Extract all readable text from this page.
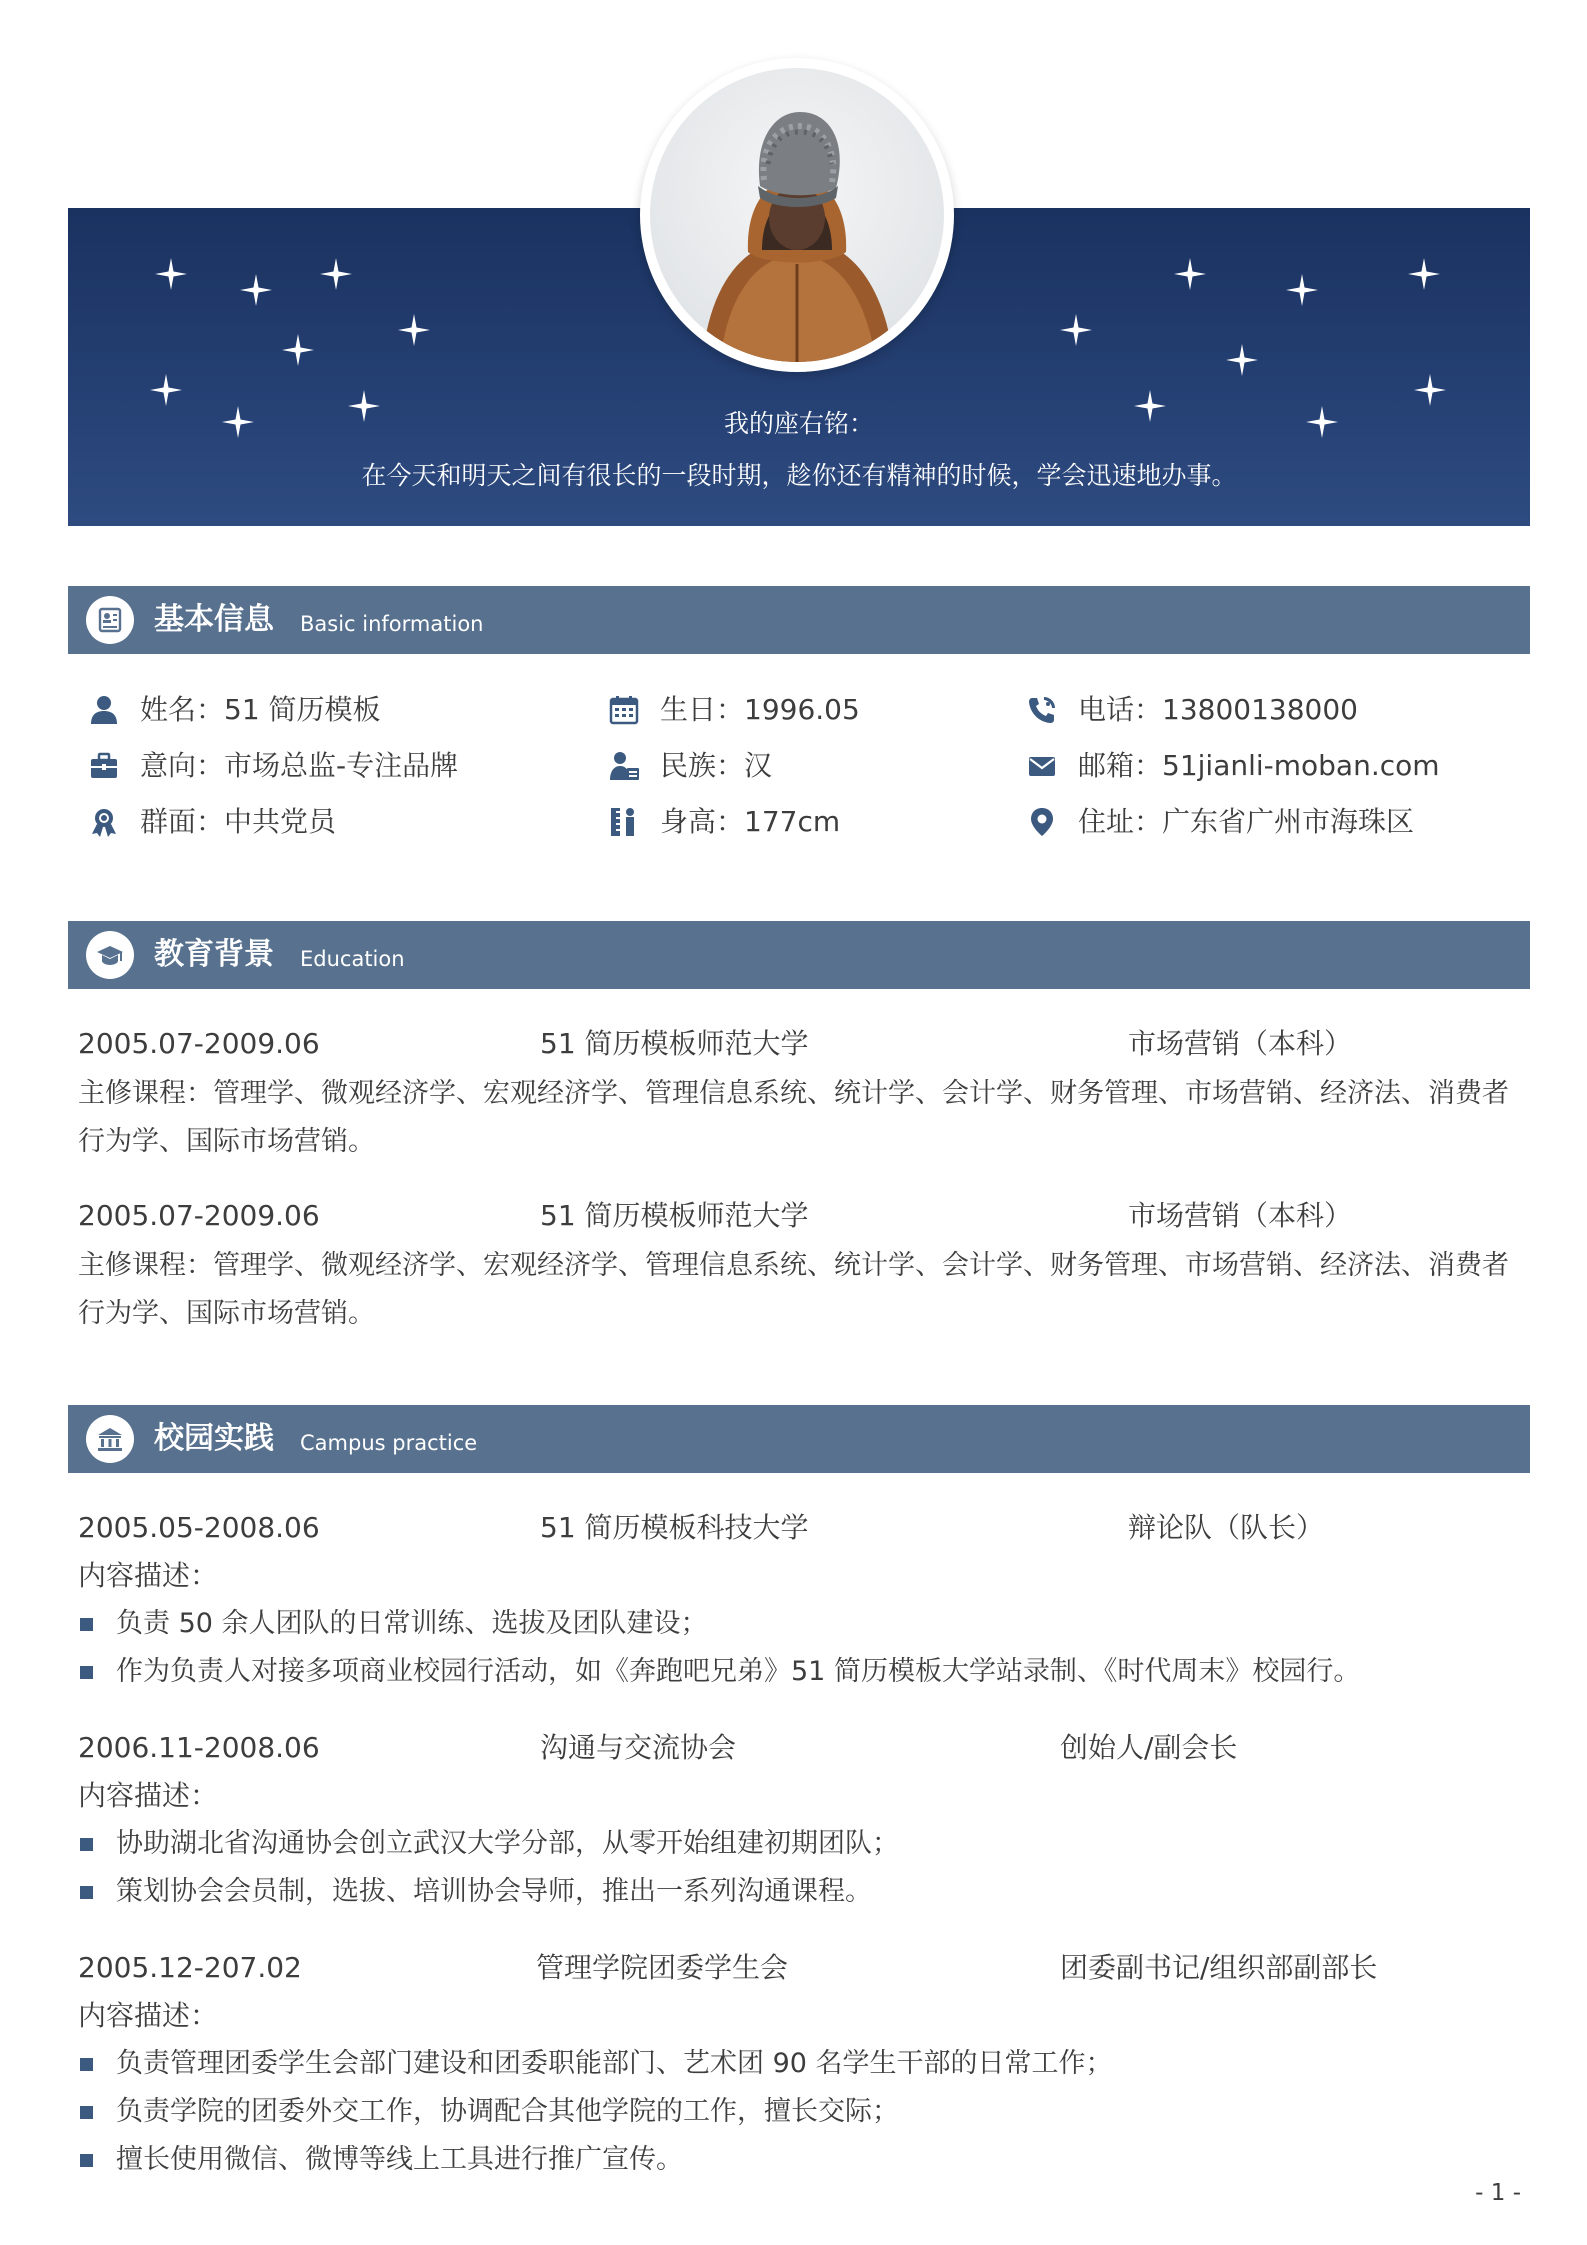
我的座右铭：
在今天和明天之间有很长的一段时期，趁你还有精神的时候，学会迅速地办事。
基本信息 Basic information
姓名：51 简历模板	生日：1996.05	电话：13800138000
意向：市场总监-专注品牌	民族：汉	邮箱：51jianli-moban.com
群面：中共党员	身高：177cm	住址：广东省广州市海珠区
教育背景 Education
2005.07-2009.06	51 简历模板师范大学	市场营销（本科）
主修课程：管理学、微观经济学、宏观经济学、管理信息系统、统计学、会计学、财务管理、市场营销、经济法、消费者行为学、国际市场营销。
2005.07-2009.06	51 简历模板师范大学	市场营销（本科）
主修课程：管理学、微观经济学、宏观经济学、管理信息系统、统计学、会计学、财务管理、市场营销、经济法、消费者行为学、国际市场营销。
校园实践 Campus practice
2005.05-2008.06	51 简历模板科技大学	辩论队（队长）
内容描述：
负责 50 余人团队的日常训练、选拔及团队建设；
作为负责人对接多项商业校园行活动，如《奔跑吧兄弟》51 简历模板大学站录制、《时代周末》校园行。
2006.11-2008.06	沟通与交流协会	创始人/副会长
内容描述：
协助湖北省沟通协会创立武汉大学分部，从零开始组建初期团队；
策划协会会员制，选拔、培训协会导师，推出一系列沟通课程。
2005.12-207.02	管理学院团委学生会	团委副书记/组织部副部长
内容描述：
负责管理团委学生会部门建设和团委职能部门、艺术团 90 名学生干部的日常工作；
负责学院的团委外交工作，协调配合其他学院的工作，擅长交际；
擅长使用微信、微博等线上工具进行推广宣传。
- 1 -
